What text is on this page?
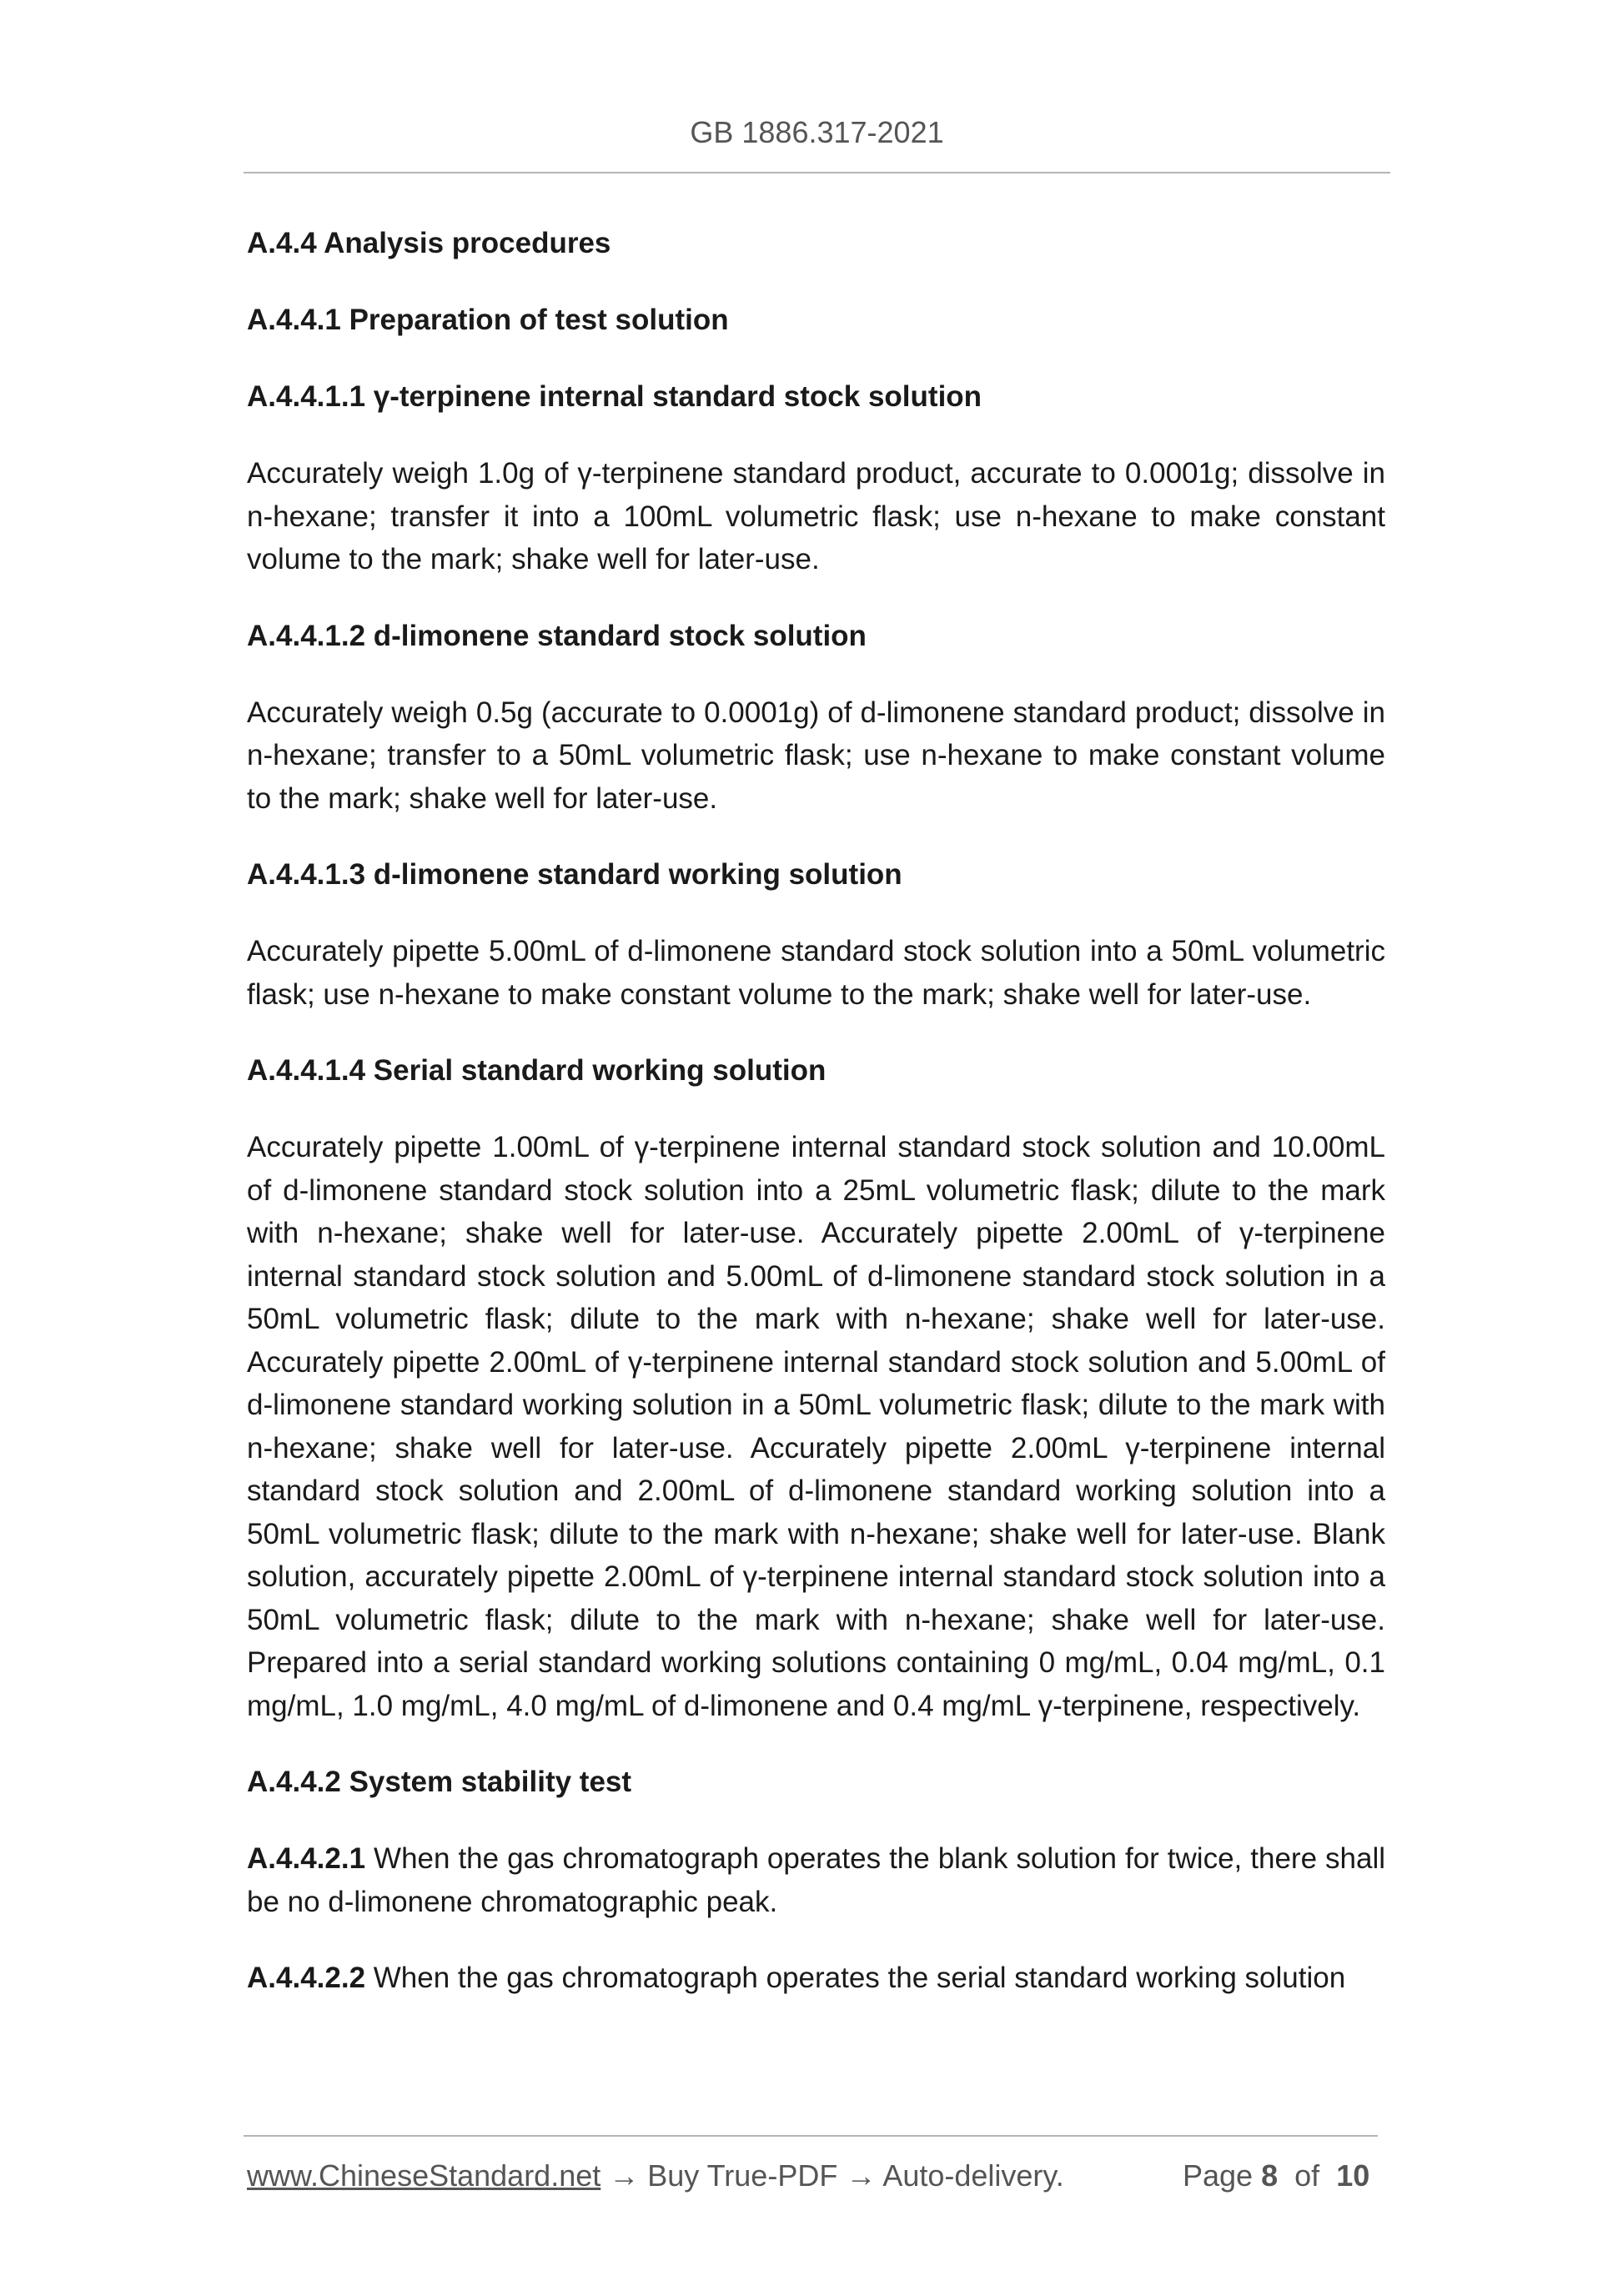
GB 1886.317-2021
A.4.4 Analysis procedures
A.4.4.1 Preparation of test solution
A.4.4.1.1 γ-terpinene internal standard stock solution
Accurately weigh 1.0g of γ-terpinene standard product, accurate to 0.0001g; dissolve in n-hexane; transfer it into a 100mL volumetric flask; use n-hexane to make constant volume to the mark; shake well for later-use.
A.4.4.1.2 d-limonene standard stock solution
Accurately weigh 0.5g (accurate to 0.0001g) of d-limonene standard product; dissolve in n-hexane; transfer to a 50mL volumetric flask; use n-hexane to make constant volume to the mark; shake well for later-use.
A.4.4.1.3 d-limonene standard working solution
Accurately pipette 5.00mL of d-limonene standard stock solution into a 50mL volumetric flask; use n-hexane to make constant volume to the mark; shake well for later-use.
A.4.4.1.4 Serial standard working solution
Accurately pipette 1.00mL of γ-terpinene internal standard stock solution and 10.00mL of d-limonene standard stock solution into a 25mL volumetric flask; dilute to the mark with n-hexane; shake well for later-use. Accurately pipette 2.00mL of γ-terpinene internal standard stock solution and 5.00mL of d-limonene standard stock solution in a 50mL volumetric flask; dilute to the mark with n-hexane; shake well for later-use. Accurately pipette 2.00mL of γ-terpinene internal standard stock solution and 5.00mL of d-limonene standard working solution in a 50mL volumetric flask; dilute to the mark with n-hexane; shake well for later-use. Accurately pipette 2.00mL γ-terpinene internal standard stock solution and 2.00mL of d-limonene standard working solution into a 50mL volumetric flask; dilute to the mark with n-hexane; shake well for later-use. Blank solution, accurately pipette 2.00mL of γ-terpinene internal standard stock solution into a 50mL volumetric flask; dilute to the mark with n-hexane; shake well for later-use. Prepared into a serial standard working solutions containing 0 mg/mL, 0.04 mg/mL, 0.1 mg/mL, 1.0 mg/mL, 4.0 mg/mL of d-limonene and 0.4 mg/mL γ-terpinene, respectively.
A.4.4.2 System stability test
A.4.4.2.1 When the gas chromatograph operates the blank solution for twice, there shall be no d-limonene chromatographic peak.
A.4.4.2.2 When the gas chromatograph operates the serial standard working solution
www.ChineseStandard.net → Buy True-PDF → Auto-delivery.	Page 8 of 10
